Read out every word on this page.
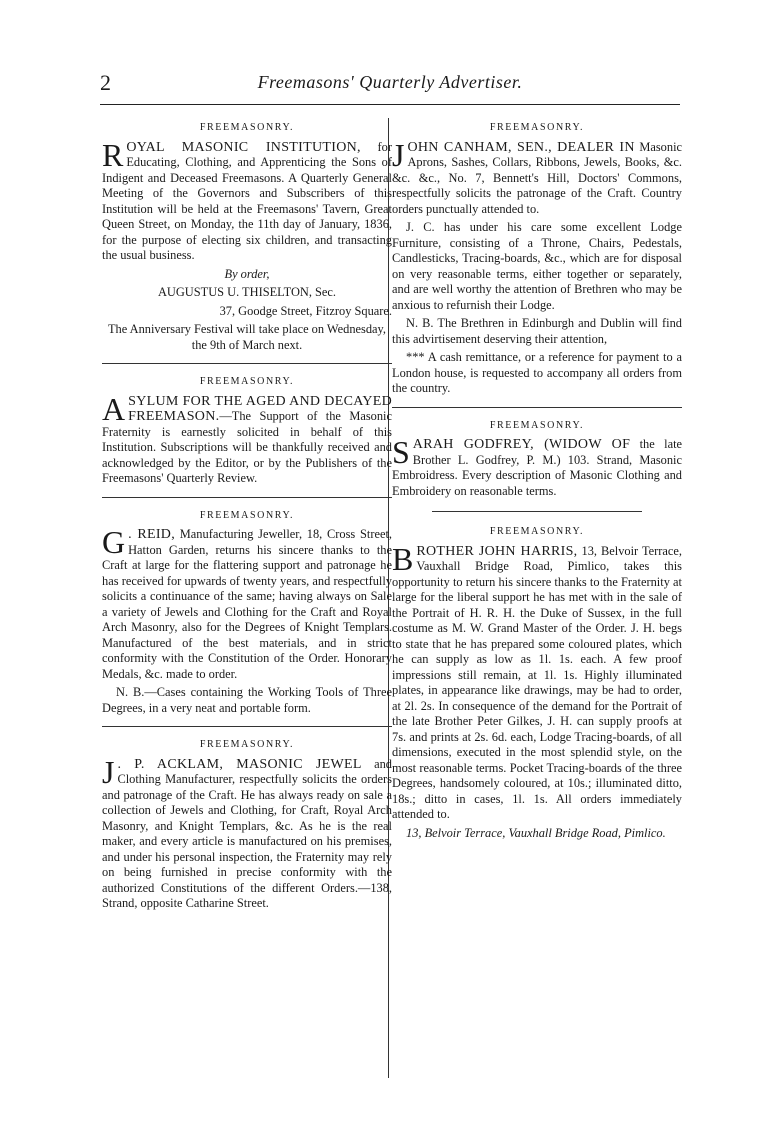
2	Freemasons' Quarterly Advertiser.
FREEMASONRY.

R OYAL MASONIC INSTITUTION, for Educating, Clothing, and Apprenticing the Sons of Indigent and Deceased Freemasons. A Quarterly General Meeting of the Governors and Subscribers of this Institution will be held at the Freemasons' Tavern, Great Queen Street, on Monday, the 11th day of January, 1836, for the purpose of electing six children, and transacting the usual business.

By order,

AUGUSTUS U. THISELTON, Sec.

37, Goodge Street, Fitzroy Square.

The Anniversary Festival will take place on Wednesday, the 9th of March next.

FREEMASONRY.

A SYLUM FOR THE AGED AND DECAYED FREEMASON.—The Support of the Masonic Fraternity is earnestly solicited in behalf of this Institution. Subscriptions will be thankfully received and acknowledged by the Editor, or by the Publishers of the Freemasons' Quarterly Review.

FREEMASONRY.

G . REID, Manufacturing Jeweller, 18, Cross Street, Hatton Garden, returns his sincere thanks to the Craft at large for the flattering support and patronage he has received for upwards of twenty years, and respectfully solicits a continuance of the same; having always on Sale a variety of Jewels and Clothing for the Craft and Royal Arch Masonry, also for the Degrees of Knight Templars. Manufactured of the best materials, and in strict conformity with the Constitution of the Order. Honorary Medals, &c. made to order.

N. B.—Cases containing the Working Tools of Three Degrees, in a very neat and portable form.

FREEMASONRY.

J . P. ACKLAM, MASONIC JEWEL and Clothing Manufacturer, respectfully solicits the orders and patronage of the Craft. He has always ready on sale a collection of Jewels and Clothing, for Craft, Royal Arch Masonry, and Knight Templars, &c. As he is the real maker, and every article is manufactured on his premises, and under his personal inspection, the Fraternity may rely on being furnished in precise conformity with the authorized Constitutions of the different Orders.—138, Strand, opposite Catharine Street.

FREEMASONRY.

J OHN CANHAM, SEN., DEALER IN Masonic Aprons, Sashes, Collars, Ribbons, Jewels, Books, &c. &c. &c., No. 7, Bennett's Hill, Doctors' Commons, respectfully solicits the patronage of the Craft. Country orders punctually attended to.

J. C. has under his care some excellent Lodge Furniture, consisting of a Throne, Chairs, Pedestals, Candlesticks, Tracing-boards, &c., which are for disposal on very reasonable terms, either together or separately, and are well worthy the attention of Brethren who may be anxious to refurnish their Lodge.

N. B. The Brethren in Edinburgh and Dublin will find this advirtisement deserving their attention,

*** A cash remittance, or a reference for payment to a London house, is requested to accompany all orders from the country.

FREEMASONRY.

S ARAH GODFREY, (WIDOW OF the late Brother L. Godfrey, P. M.) 103. Strand, Masonic Embroidress. Every description of Masonic Clothing and Embroidery on reasonable terms.

FREEMASONRY.

B ROTHER JOHN HARRIS, 13, Belvoir Terrace, Vauxhall Bridge Road, Pimlico, takes this opportunity to return his sincere thanks to the Fraternity at large for the liberal support he has met with in the sale of the Portrait of H. R. H. the Duke of Sussex, in the full costume as M. W. Grand Master of the Order. J. H. begs to state that he has prepared some coloured plates, which he can supply as low as 1l. 1s. each. A few proof impressions still remain, at 1l. 1s. Highly illuminated plates, in appearance like drawings, may be had to order, at 2l. 2s. In consequence of the demand for the Portrait of the late Brother Peter Gilkes, J. H. can supply proofs at 7s. and prints at 2s. 6d. each, Lodge Tracing-boards, of all dimensions, executed in the most splendid style, on the most reasonable terms. Pocket Tracing-boards of the three Degrees, handsomely coloured, at 10s.; illuminated ditto, 18s.; ditto in cases, 1l. 1s. All orders immediately attended to.

13, Belvoir Terrace, Vauxhall Bridge Road, Pimlico.
